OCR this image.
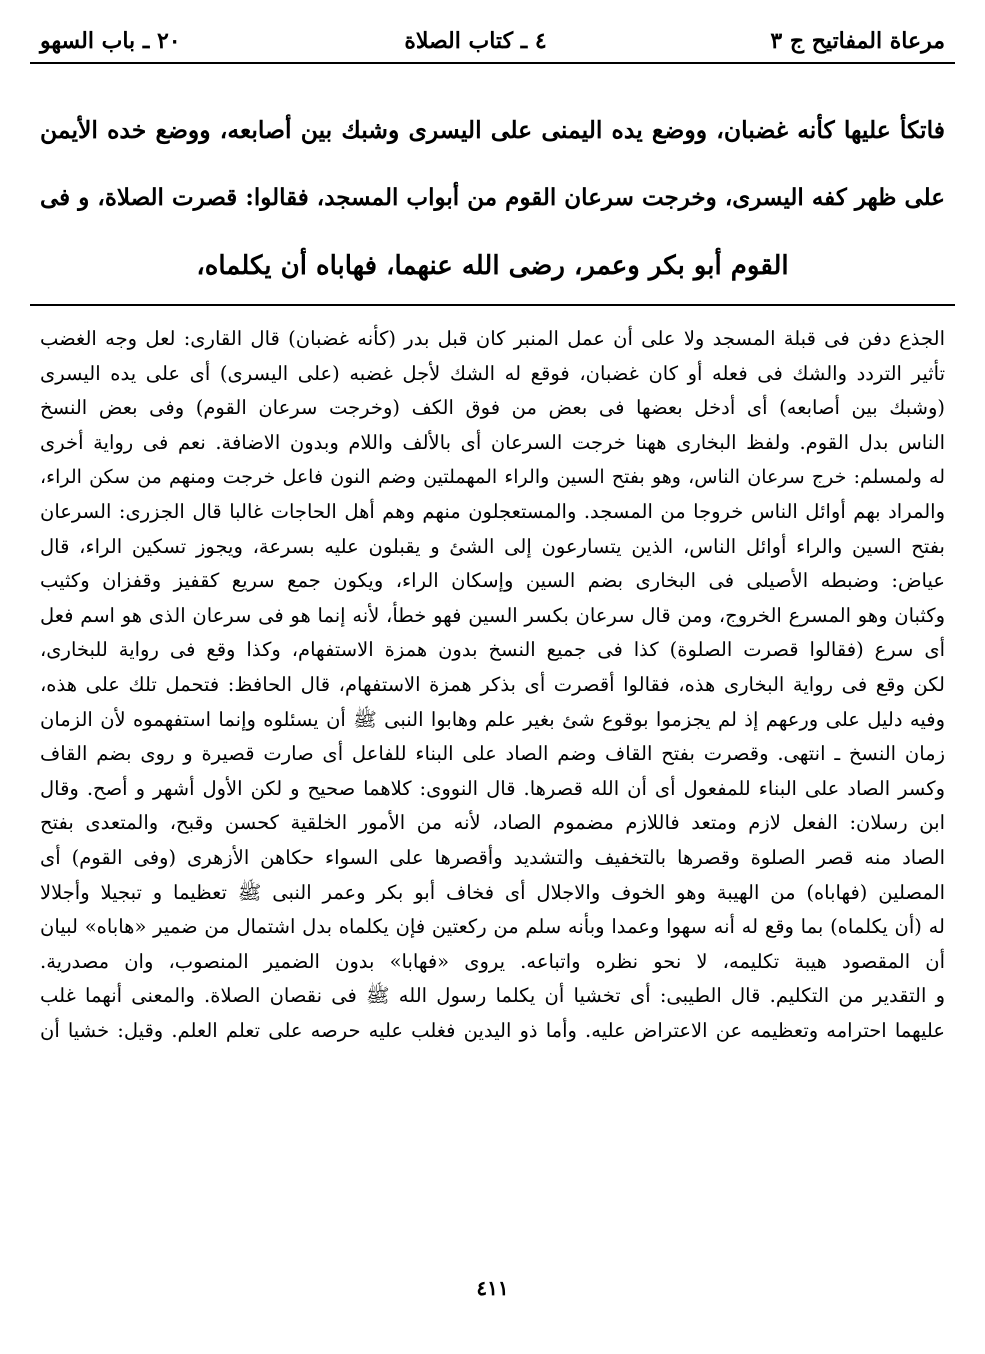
مرعاة المفاتيح ج ٣
٤ ـ كتاب الصلاة
٢٠ ـ باب السهو
فاتكأ عليها كأنه غضبان، ووضع يده اليمنى على اليسرى وشبك بين أصابعه، ووضع خده الأيمن
على ظهر كفه اليسرى، وخرجت سرعان القوم من أبواب المسجد، فقالوا: قصرت الصلاة، و فى
القوم أبو بكر وعمر، رضى الله عنهما، فهاباه أن يكلماه،
الجذع دفن فى قبلة المسجد ولا على أن عمل المنبر كان قبل بدر (كأنه غضبان) قال القارى: لعل وجه الغضب
تأثير التردد والشك فى فعله أو كان غضبان، فوقع له الشك لأجل غضبه (على اليسرى) أى على يده اليسرى
(وشبك بين أصابعه) أى أدخل بعضها فى بعض من فوق الكف (وخرجت سرعان القوم) وفى بعض النسخ
الناس بدل القوم. ولفظ البخارى ههنا خرجت السرعان أى بالألف واللام وبدون الاضافة. نعم فى رواية أخرى
له ولمسلم: خرج سرعان الناس، وهو بفتح السين والراء المهملتين وضم النون فاعل خرجت ومنهم من سكن الراء،
والمراد بهم أوائل الناس خروجا من المسجد. والمستعجلون منهم وهم أهل الحاجات غالبا قال الجزرى: السرعان
بفتح السين والراء أوائل الناس، الذين يتسارعون إلى الشئ و يقبلون عليه بسرعة، ويجوز تسكين الراء، قال
عياض: وضبطه الأصيلى فى البخارى بضم السين وإسكان الراء، ويكون جمع سريع كقفيز وقفزان وكثيب
وكثبان وهو المسرع الخروج، ومن قال سرعان بكسر السين فهو خطأ، لأنه إنما هو فى سرعان الذى هو اسم فعل
أى سرع (فقالوا قصرت الصلوة) كذا فى جميع النسخ بدون همزة الاستفهام، وكذا وقع فى رواية للبخارى،
لكن وقع فى رواية البخارى هذه، فقالوا أقصرت أى بذكر همزة الاستفهام، قال الحافظ: فتحمل تلك على هذه،
وفيه دليل على ورعهم إذ لم يجزموا بوقوع شئ بغير علم وهابوا النبى ﷺ أن يسئلوه وإنما استفهموه لأن الزمان
زمان النسخ ـ انتهى. وقصرت بفتح القاف وضم الصاد على البناء للفاعل أى صارت قصيرة و روى بضم القاف
وكسر الصاد على البناء للمفعول أى أن الله قصرها. قال النووى: كلاهما صحيح و لكن الأول أشهر و أصح. وقال
ابن رسلان: الفعل لازم ومتعد فاللازم مضموم الصاد، لأنه من الأمور الخلقية كحسن وقبح، والمتعدى بفتح
الصاد منه قصر الصلوة وقصرها بالتخفيف والتشديد وأقصرها على السواء حكاهن الأزهرى (وفى القوم) أى
المصلين (فهاباه) من الهيبة وهو الخوف والاجلال أى فخاف أبو بكر وعمر النبى ﷺ تعظيما و تبجيلا وأجلالا
له (أن يكلماه) بما وقع له أنه سهوا وعمدا وبأنه سلم من ركعتين فإن يكلماه بدل اشتمال من ضمير «هاباه» لبيان
أن المقصود هيبة تكليمه، لا نحو نظره واتباعه. يروى «فهابا» بدون الضمير المنصوب، وان مصدرية.
و التقدير من التكليم. قال الطيبى: أى تخشيا أن يكلما رسول الله ﷺ فى نقصان الصلاة. والمعنى أنهما غلب
عليهما احترامه وتعظيمه عن الاعتراض عليه. وأما ذو اليدين فغلب عليه حرصه على تعلم العلم. وقيل: خشيا أن
٤١١
